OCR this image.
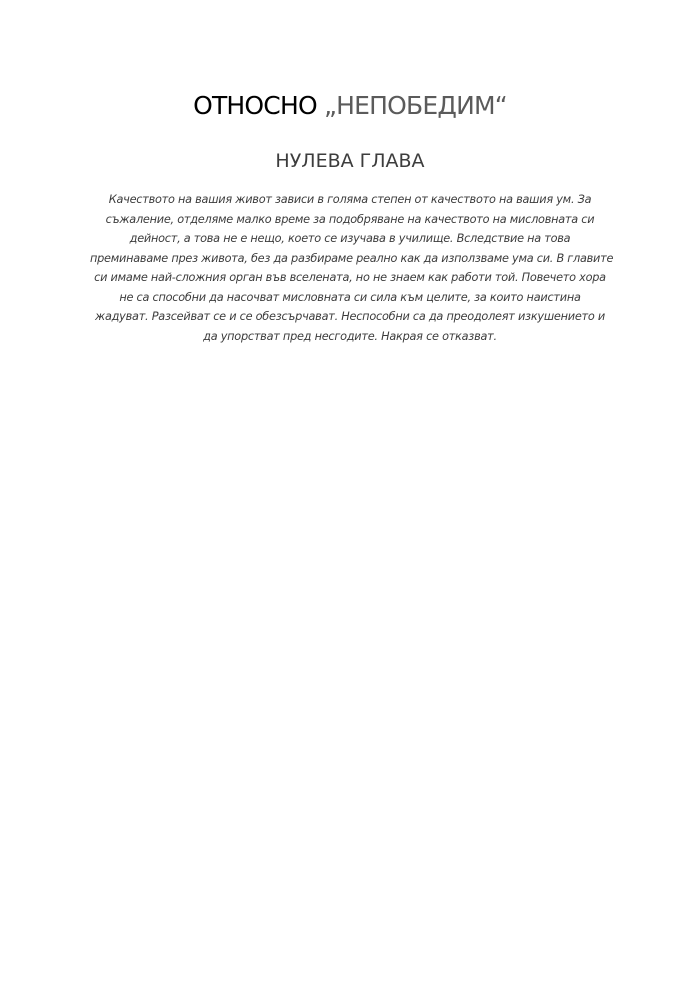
ОТНОСНО „НЕПОБЕДИМ“
НУЛЕВА ГЛАВА

Качеството на вашия живот зависи в голяма степен от качеството на вашия ум. За
съжаление, отделяме малко време за подобряване на качеството на мисловната си
дейност, а това не е нещо, което се изучава в училище. Вследствие на това
преминаваме през живота, без да разбираме реално как да използваме ума си. В главите
си имаме най-сложния орган във вселената, но не знаем как работи той. Повечето хора
не са способни да насочват мисловната си сила към целите, за които наистина
жадуват. Разсейват се и се обезсърчават. Неспособни са да преодолеят изкушението и
да упорстват пред несгодите. Накрая се отказват.
